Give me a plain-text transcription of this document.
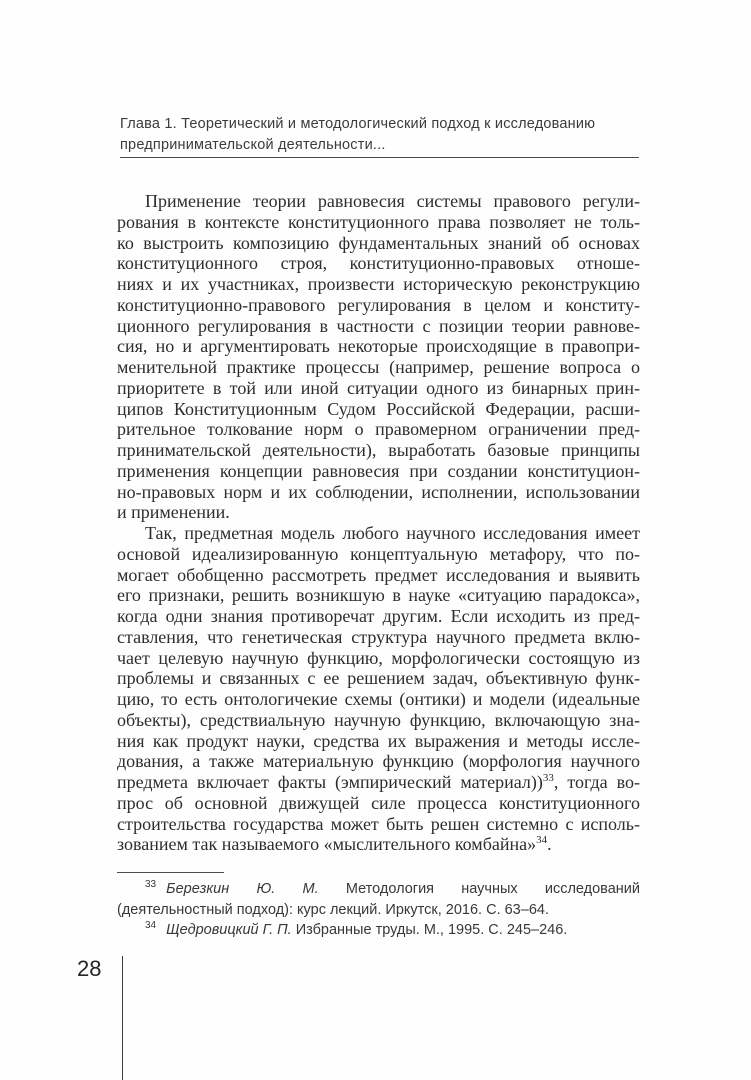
Глава 1. Теоретический и методологический подход к исследованию
предпринимательской деятельности...
Применение теории равновесия системы правового регули-
рования в контексте конституционного права позволяет не толь-
ко выстроить композицию фундаментальных знаний об основах
конституционного строя, конституционно-правовых отноше-
ниях и их участниках, произвести историческую реконструкцию
конституционно-правового регулирования в целом и конститу-
ционного регулирования в частности с позиции теории равнове-
сия, но и аргументировать некоторые происходящие в правопри-
менительной практике процессы (например, решение вопроса о
приоритете в той или иной ситуации одного из бинарных прин-
ципов Конституционным Судом Российской Федерации, расши-
рительное толкование норм о правомерном ограничении пред-
принимательской деятельности), выработать базовые принципы
применения концепции равновесия при создании конституцион-
но-правовых норм и их соблюдении, исполнении, использовании
и применении.
Так, предметная модель любого научного исследования имеет
основой идеализированную концептуальную метафору, что по-
могает обобщенно рассмотреть предмет исследования и выявить
его признаки, решить возникшую в науке «ситуацию парадокса»,
когда одни знания противоречат другим. Если исходить из пред-
ставления, что генетическая структура научного предмета вклю-
чает целевую научную функцию, морфологически состоящую из
проблемы и связанных с ее решением задач, объективную функ-
цию, то есть онтологичекие схемы (онтики) и модели (идеальные
объекты), средствиальную научную функцию, включающую зна-
ния как продукт науки, средства их выражения и методы иссле-
дования, а также материальную функцию (морфология научного
предмета включает факты (эмпирический материал))$^{33}$, тогда во-
прос об основной движущей силе процесса конституционного
строительства государства может быть решен системно с исполь-
зованием так называемого «мыслительного комбайна»$^{34}$.

$^{33}$ Березкин Ю. М. Методология научных исследований (деятельностный подход): курс лекций. Иркутск, 2016. С. 63–64.

$^{34}$ Щедровицкий Г. П. Избранные труды. М., 1995. С. 245–246.

28
